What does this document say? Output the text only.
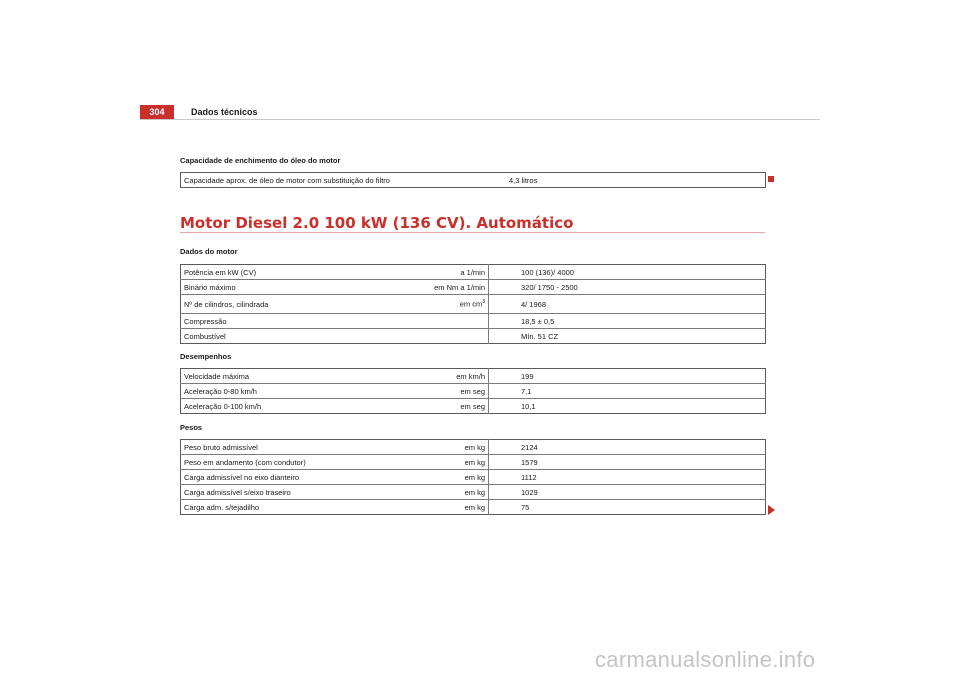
304	Dados técnicos
Capacidade de enchimento do óleo do motor
Capacidade aprox. de óleo de motor com substituição do filtro	4,3 litros
Motor Diesel 2.0 100 kW (136 CV). Automático
Dados do motor
Potência em kW (CV)	a 1/min	100 (136)/ 4000
Binário máximo	em Nm a 1/min	320/ 1750 - 2500
Nº de cilindros, cilindrada	em $cm^3$	4/ 1968
Compressão		18,5 ± 0,5
Combustível		Mín. 51 CZ
Desempenhos
Velocidade máxima	em km/h	199
Aceleração 0-80 km/h	em seg	7,1
Aceleração 0-100 km/h	em seg	10,1
Pesos
Peso bruto admissível	em kg	2124
Peso em andamento (com condutor)	em kg	1579
Carga admissível no eixo dianteiro	em kg	1112
Carga admissível s/eixo traseiro	em kg	1029
Carga adm. s/tejadilho	em kg	75
carmanualsonline.info
